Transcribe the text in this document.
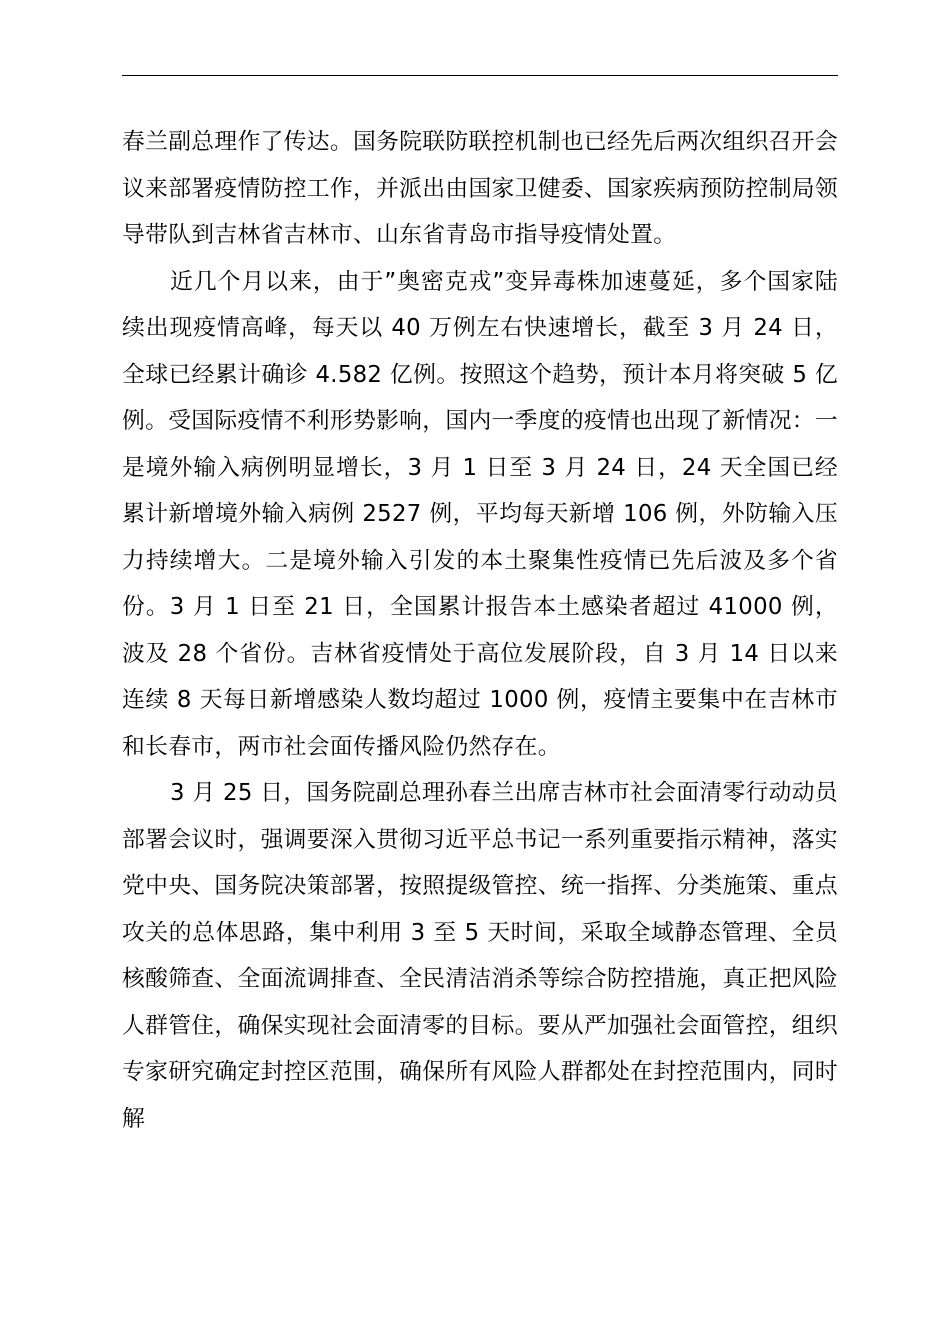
春兰副总理作了传达。国务院联防联控机制也已经先后两次组织召开会议来部署疫情防控工作，并派出由国家卫健委、国家疾病预防控制局领导带队到吉林省吉林市、山东省青岛市指导疫情处置。

近几个月以来，由于”奥密克戎”变异毒株加速蔓延，多个国家陆续出现疫情高峰，每天以 40 万例左右快速增长，截至 3 月 24 日，全球已经累计确诊 4.582 亿例。按照这个趋势，预计本月将突破 5 亿例。受国际疫情不利形势影响，国内一季度的疫情也出现了新情况：一是境外输入病例明显增长，3 月 1 日至 3 月 24 日，24 天全国已经累计新增境外输入病例 2527 例，平均每天新增 106 例，外防输入压力持续增大。二是境外输入引发的本土聚集性疫情已先后波及多个省份。3 月 1 日至 21 日，全国累计报告本土感染者超过 41000 例，波及 28 个省份。吉林省疫情处于高位发展阶段，自 3 月 14 日以来连续 8 天每日新增感染人数均超过 1000 例，疫情主要集中在吉林市和长春市，两市社会面传播风险仍然存在。

3 月 25 日，国务院副总理孙春兰出席吉林市社会面清零行动动员部署会议时，强调要深入贯彻习近平总书记一系列重要指示精神，落实党中央、国务院决策部署，按照提级管控、统一指挥、分类施策、重点攻关的总体思路，集中利用 3 至 5 天时间，采取全域静态管理、全员核酸筛查、全面流调排查、全民清洁消杀等综合防控措施，真正把风险人群管住，确保实现社会面清零的目标。要从严加强社会面管控，组织专家研究确定封控区范围，确保所有风险人群都处在封控范围内，同时解
